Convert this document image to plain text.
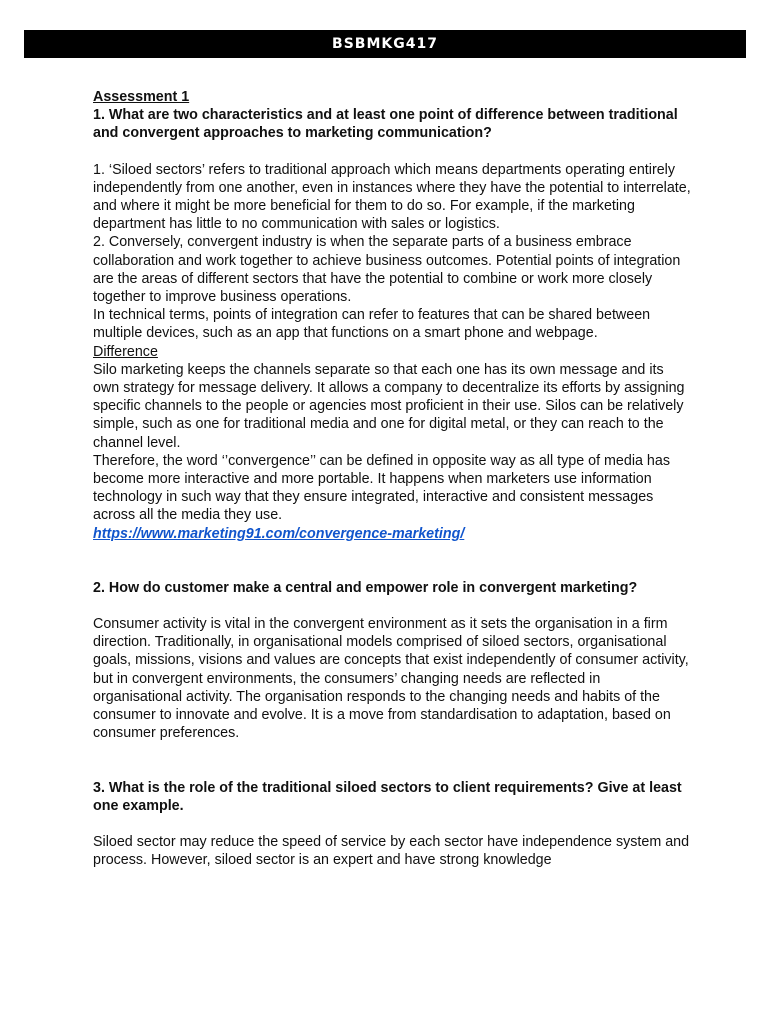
BSBMKG417

Assessment 1

1. What are two characteristics and at least one point of difference between traditional and convergent approaches to marketing communication?

1. ‘Siloed sectors’ refers to traditional approach which means departments operating entirely independently from one another, even in instances where they have the potential to interrelate, and where it might be more beneficial for them to do so. For example, if the marketing department has little to no communication with sales or logistics.

2. Conversely, convergent industry is when the separate parts of a business embrace collaboration and work together to achieve business outcomes. Potential points of integration are the areas of different sectors that have the potential to combine or work more closely together to improve business operations.

In technical terms, points of integration can refer to features that can be shared between multiple devices, such as an app that functions on a smart phone and webpage.

Difference

Silo marketing keeps the channels separate so that each one has its own message and its own strategy for message delivery. It allows a company to decentralize its efforts by assigning specific channels to the people or agencies most proficient in their use. Silos can be relatively simple, such as one for traditional media and one for digital metal, or they can reach to the channel level.

Therefore, the word ‘’convergence’’ can be defined in opposite way as all type of media has become more interactive and more portable. It happens when marketers use information technology in such way that they ensure integrated, interactive and consistent messages across all the media they use.

https://www.marketing91.com/convergence-marketing/

2. How do customer make a central and empower role in convergent marketing?

Consumer activity is vital in the convergent environment as it sets the organisation in a firm direction. Traditionally, in organisational models comprised of siloed sectors, organisational goals, missions, visions and values are concepts that exist independently of consumer activity, but in convergent environments, the consumers’ changing needs are reflected in organisational activity. The organisation responds to the changing needs and habits of the consumer to innovate and evolve. It is a move from standardisation to adaptation, based on consumer preferences.

3. What is the role of the traditional siloed sectors to client requirements? Give at least one example.

Siloed sector may reduce the speed of service by each sector have independence system and process. However, siloed sector is an expert and have strong knowledge
